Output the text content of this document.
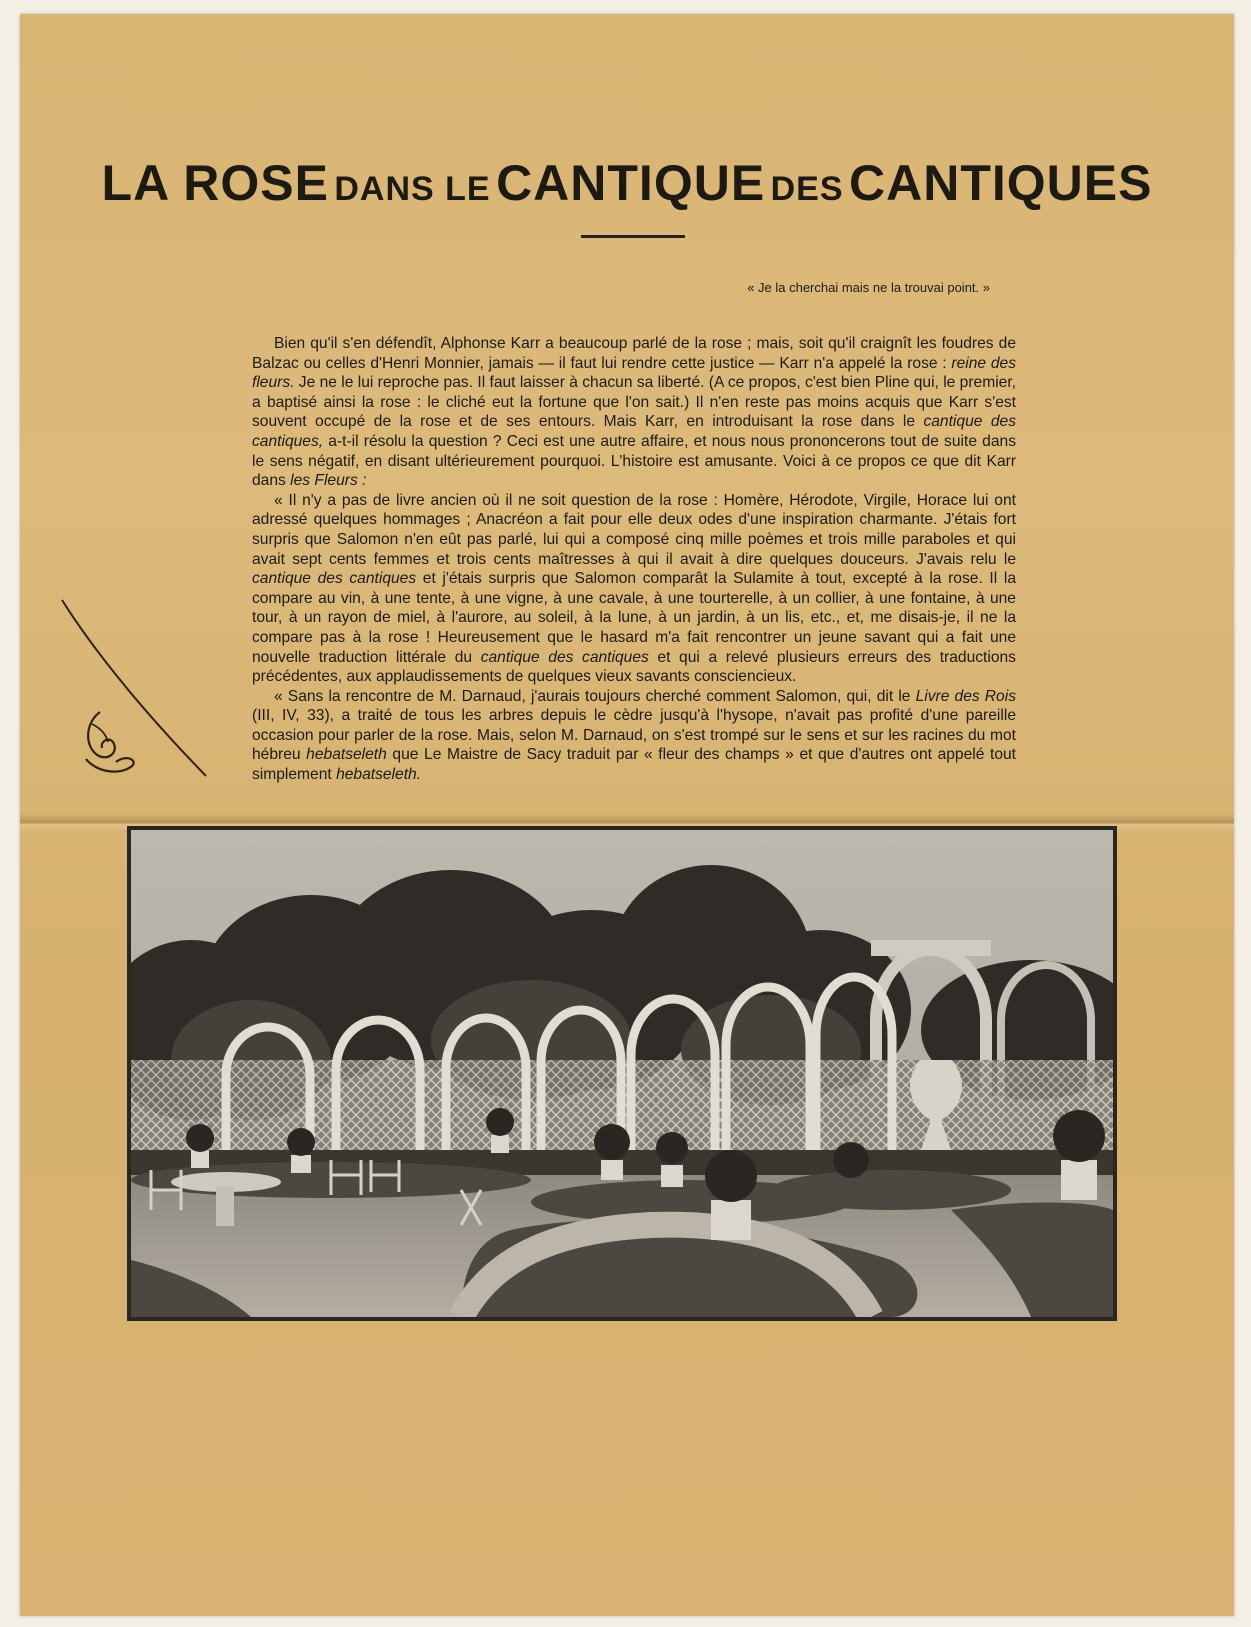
LA ROSE DANS LE CANTIQUE DES CANTIQUES
« Je la cherchai mais ne la trouvai point. »

Bien qu'il s'en défendît, Alphonse Karr a beaucoup parlé de la rose ; mais, soit qu'il craignît les foudres de Balzac ou celles d'Henri Monnier, jamais — il faut lui rendre cette justice — Karr n'a appelé la rose : reine des fleurs. Je ne le lui reproche pas. Il faut laisser à chacun sa liberté. (A ce propos, c'est bien Pline qui, le premier, a baptisé ainsi la rose : le cliché eut la fortune que l'on sait.) Il n'en reste pas moins acquis que Karr s'est souvent occupé de la rose et de ses entours. Mais Karr, en introduisant la rose dans le cantique des cantiques, a-t-il résolu la question ? Ceci est une autre affaire, et nous nous prononcerons tout de suite dans le sens négatif, en disant ultérieurement pourquoi. L'histoire est amusante. Voici à ce propos ce que dit Karr dans les Fleurs :

« Il n'y a pas de livre ancien où il ne soit question de la rose : Homère, Hérodote, Virgile, Horace lui ont adressé quelques hommages ; Anacréon a fait pour elle deux odes d'une inspiration charmante. J'étais fort surpris que Salomon n'en eût pas parlé, lui qui a composé cinq mille poèmes et trois mille paraboles et qui avait sept cents femmes et trois cents maîtresses à qui il avait à dire quelques douceurs. J'avais relu le cantique des cantiques et j'étais surpris que Salomon comparât la Sulamite à tout, excepté à la rose. Il la compare au vin, à une tente, à une vigne, à une cavale, à une tourterelle, à un collier, à une fontaine, à une tour, à un rayon de miel, à l'aurore, au soleil, à la lune, à un jardin, à un lis, etc., et, me disais-je, il ne la compare pas à la rose ! Heureusement que le hasard m'a fait rencontrer un jeune savant qui a fait une nouvelle traduction littérale du cantique des cantiques et qui a relevé plusieurs erreurs des traductions précédentes, aux applaudissements de quelques vieux savants consciencieux.

« Sans la rencontre de M. Darnaud, j'aurais toujours cherché comment Salomon, qui, dit le Livre des Rois (III, IV, 33), a traité de tous les arbres depuis le cèdre jusqu'à l'hysope, n'avait pas profité d'une pareille occasion pour parler de la rose. Mais, selon M. Darnaud, on s'est trompé sur le sens et sur les racines du mot hébreu hebatseleth que Le Maistre de Sacy traduit par « fleur des champs » et que d'autres ont appelé tout simplement hebatseleth.
